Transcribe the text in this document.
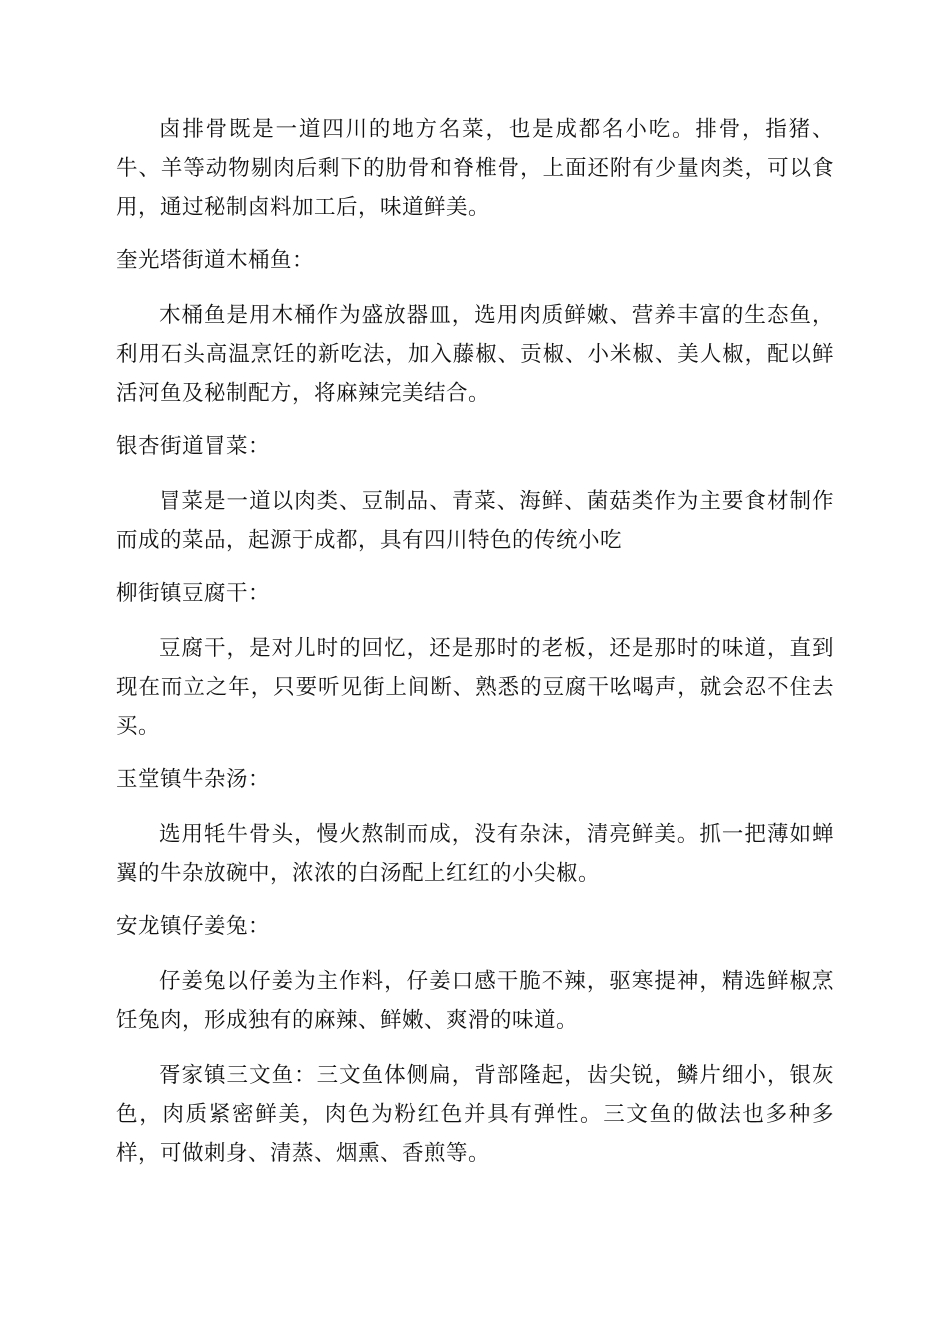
卤排骨既是一道四川的地方名菜，也是成都名小吃。排骨，指猪、牛、羊等动物剔肉后剩下的肋骨和脊椎骨，上面还附有少量肉类，可以食用，通过秘制卤料加工后，味道鲜美。

奎光塔街道木桶鱼：

木桶鱼是用木桶作为盛放器皿，选用肉质鲜嫩、营养丰富的生态鱼，利用石头高温烹饪的新吃法，加入藤椒、贡椒、小米椒、美人椒，配以鲜活河鱼及秘制配方，将麻辣完美结合。

银杏街道冒菜：

冒菜是一道以肉类、豆制品、青菜、海鲜、菌菇类作为主要食材制作而成的菜品，起源于成都，具有四川特色的传统小吃

柳街镇豆腐干：

豆腐干，是对儿时的回忆，还是那时的老板，还是那时的味道，直到现在而立之年，只要听见街上间断、熟悉的豆腐干吆喝声，就会忍不住去买。

玉堂镇牛杂汤：

选用牦牛骨头，慢火熬制而成，没有杂沫，清亮鲜美。抓一把薄如蝉翼的牛杂放碗中，浓浓的白汤配上红红的小尖椒。

安龙镇仔姜兔：

仔姜兔以仔姜为主作料，仔姜口感干脆不辣，驱寒提神，精选鲜椒烹饪兔肉，形成独有的麻辣、鲜嫩、爽滑的味道。

胥家镇三文鱼：三文鱼体侧扁，背部隆起，齿尖锐，鳞片细小，银灰色，肉质紧密鲜美，肉色为粉红色并具有弹性。三文鱼的做法也多种多样，可做刺身、清蒸、烟熏、香煎等。
